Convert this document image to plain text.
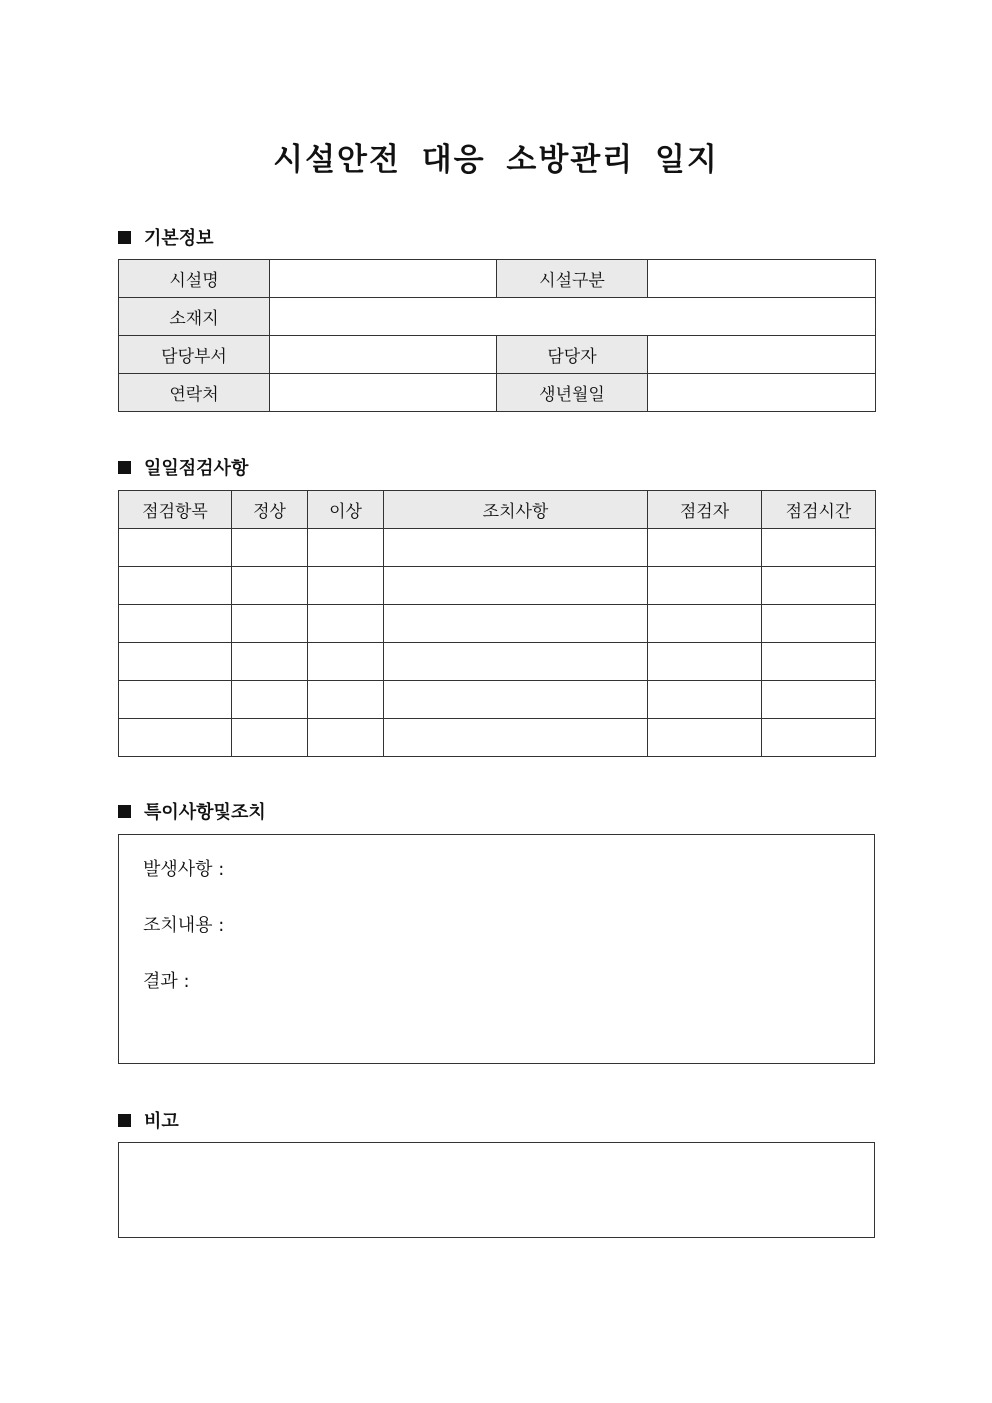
시설안전 대응 소방관리 일지
기본정보
시설명		시설구분	
소재지			
담당부서		담당자	
연락처		생년월일	
일일점검사항
점검항목	정상	이상	조치사항	점검자	점검시간

특이사항및조치
발생사항 :
조치내용 :
결과 :
비고
